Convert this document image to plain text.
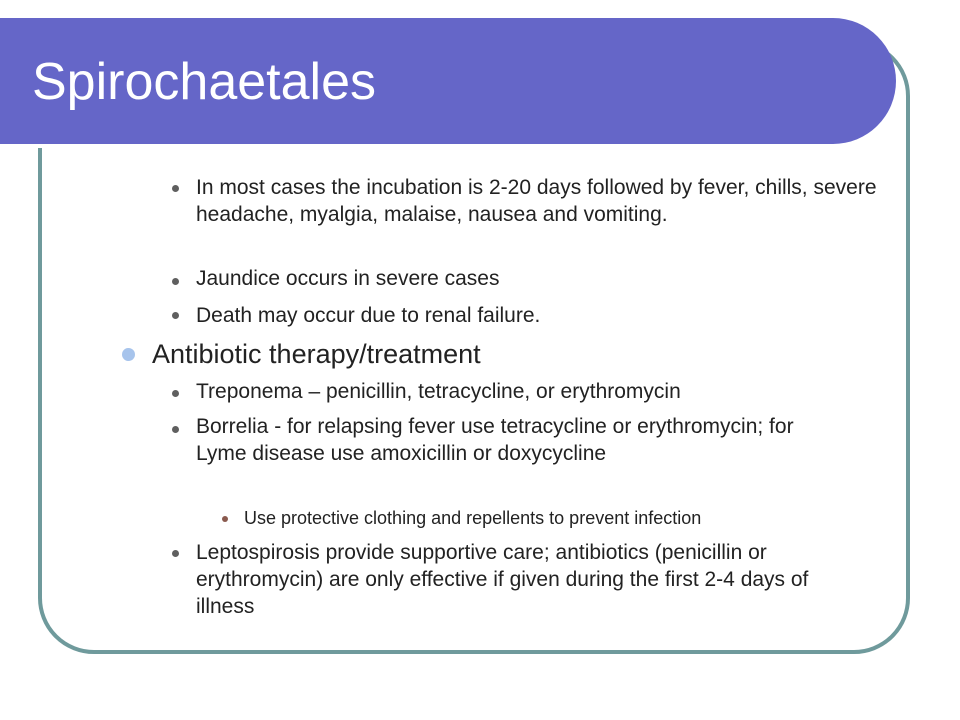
Spirochaetales
In most cases the incubation is 2-20 days followed by fever, chills, severe headache, myalgia, malaise, nausea and vomiting.
Jaundice occurs in severe cases
Death may occur due to renal failure.
Antibiotic therapy/treatment
Treponema – penicillin, tetracycline, or erythromycin
Borrelia - for relapsing fever use tetracycline or erythromycin; for Lyme disease use amoxicillin or doxycycline
Use protective clothing and repellents to prevent infection
Leptospirosis provide supportive care; antibiotics (penicillin or erythromycin) are only effective if given during the first 2-4 days of illness
